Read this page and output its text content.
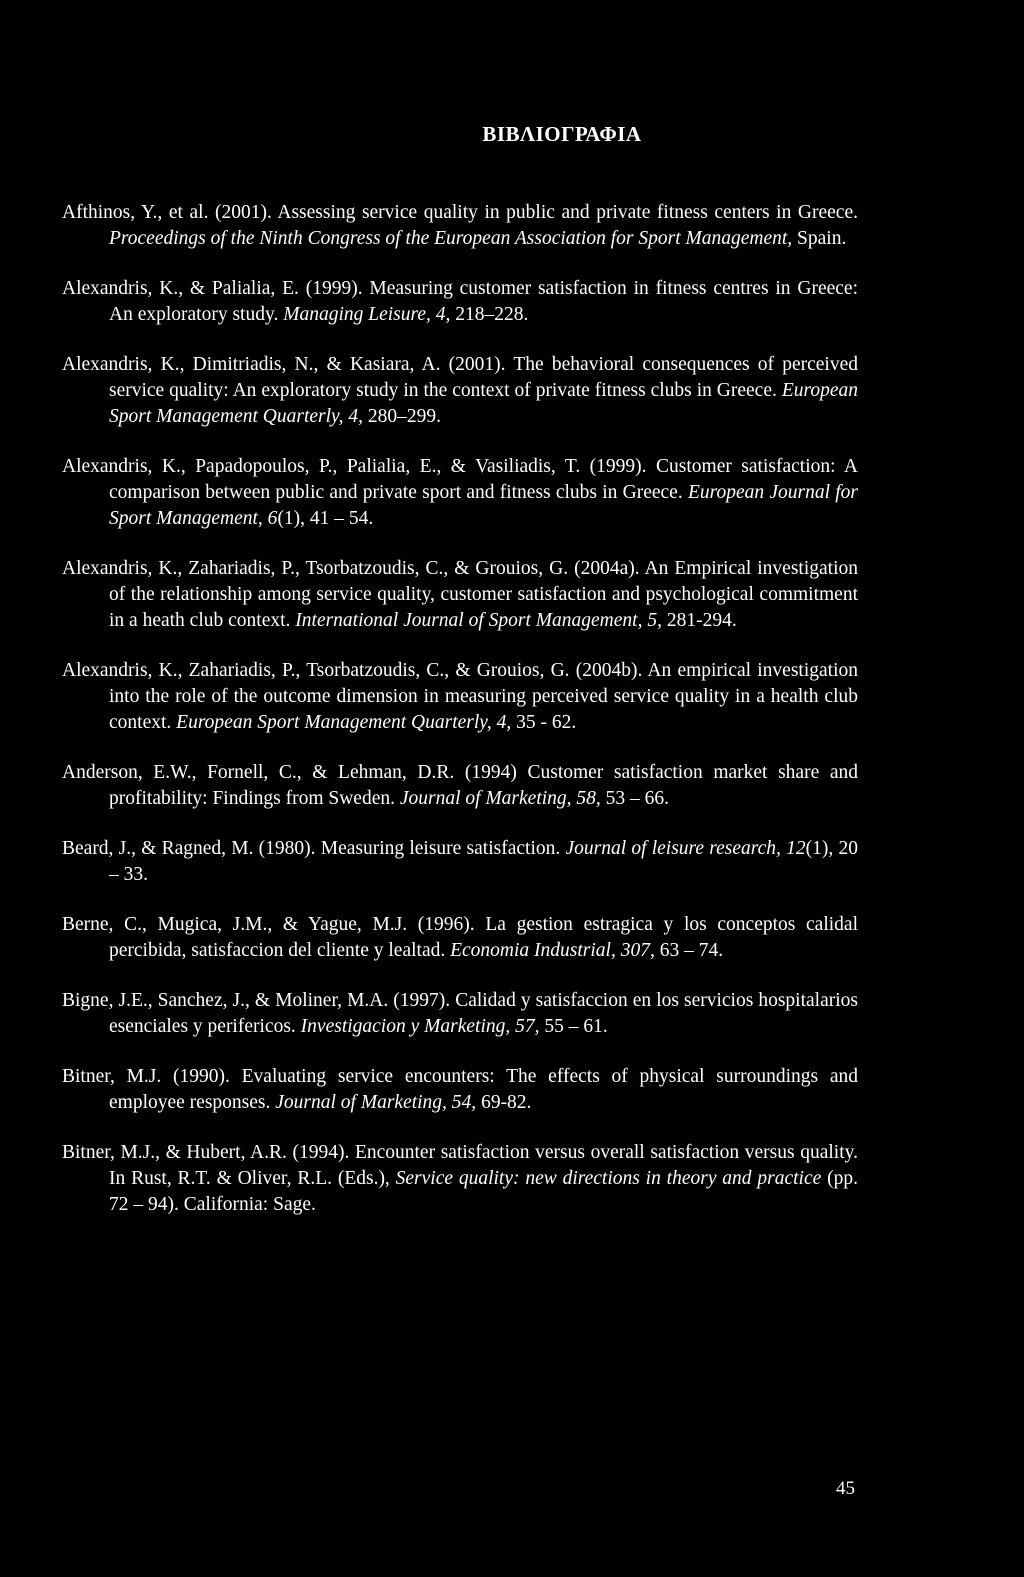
ΒΙΒΛΙΟΓΡΑΦΙΑ

Afthinos, Y., et al. (2001). Assessing service quality in public and private fitness centers in Greece. Proceedings of the Ninth Congress of the European Association for Sport Management, Spain.

Alexandris, K., & Palialia, E. (1999). Measuring customer satisfaction in fitness centres in Greece: An exploratory study. Managing Leisure, 4, 218–228.

Alexandris, K., Dimitriadis, N., & Kasiara, A. (2001). The behavioral consequences of perceived service quality: An exploratory study in the context of private fitness clubs in Greece. European Sport Management Quarterly, 4, 280–299.

Alexandris, K., Papadopoulos, P., Palialia, E., & Vasiliadis, T. (1999). Customer satisfaction: A comparison between public and private sport and fitness clubs in Greece. European Journal for Sport Management, 6(1), 41 – 54.

Alexandris, K., Zahariadis, P., Tsorbatzoudis, C., & Grouios, G. (2004a). An Empirical investigation of the relationship among service quality, customer satisfaction and psychological commitment in a heath club context. International Journal of Sport Management, 5, 281-294.

Alexandris, K., Zahariadis, P., Tsorbatzoudis, C., & Grouios, G. (2004b). An empirical investigation into the role of the outcome dimension in measuring perceived service quality in a health club context. European Sport Management Quarterly, 4, 35 - 62.

Anderson, E.W., Fornell, C., & Lehman, D.R. (1994) Customer satisfaction market share and profitability: Findings from Sweden. Journal of Marketing, 58, 53 – 66.

Beard, J., & Ragned, M. (1980). Measuring leisure satisfaction. Journal of leisure research, 12(1), 20 – 33.

Berne, C., Mugica, J.M., & Yague, M.J. (1996). La gestion estragica y los conceptos calidal percibida, satisfaccion del cliente y lealtad. Economia Industrial, 307, 63 – 74.

Bigne, J.E., Sanchez, J., & Moliner, M.A. (1997). Calidad y satisfaccion en los servicios hospitalarios esenciales y perifericos. Investigacion y Marketing, 57, 55 – 61.

Bitner, M.J. (1990). Evaluating service encounters: The effects of physical surroundings and employee responses. Journal of Marketing, 54, 69-82.

Bitner, M.J., & Hubert, A.R. (1994). Encounter satisfaction versus overall satisfaction versus quality. In Rust, R.T. & Oliver, R.L. (Eds.), Service quality: new directions in theory and practice (pp. 72 – 94). California: Sage.

45
